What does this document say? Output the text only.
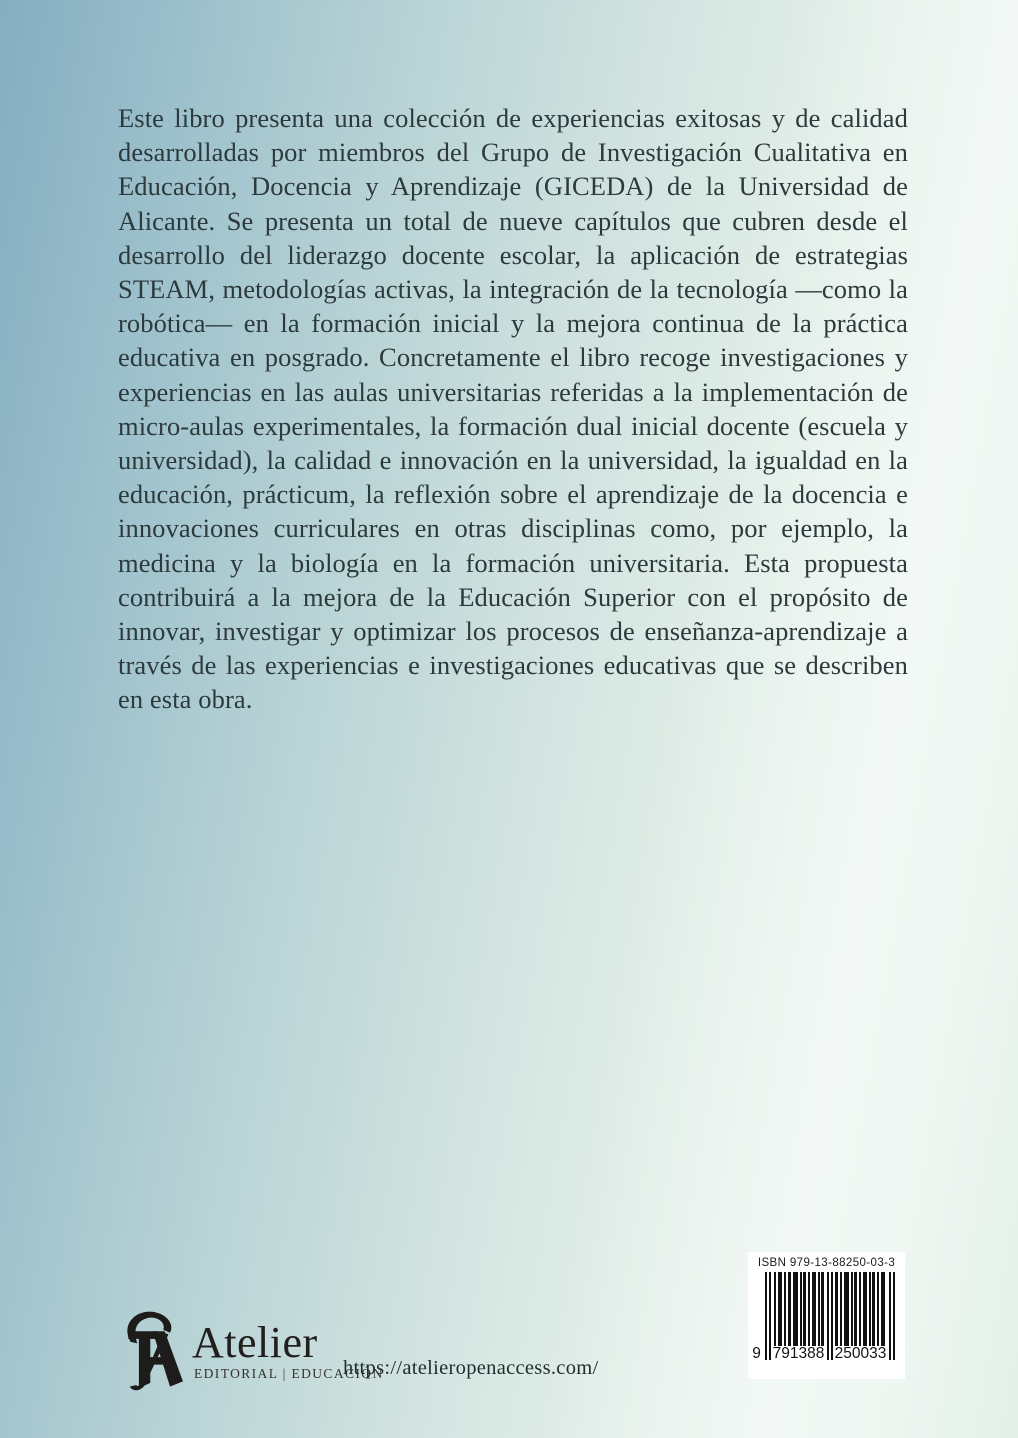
Este libro presenta una colección de experiencias exitosas y de calidad desarrolladas por miembros del Grupo de Investigación Cualitativa en Educación, Docencia y Aprendizaje (GICEDA) de la Universidad de Alicante. Se presenta un total de nueve capítulos que cubren desde el desarrollo del liderazgo docente escolar, la aplicación de estrategias STEAM, metodologías activas, la integración de la tecnología —como la robótica— en la formación inicial y la mejora continua de la práctica educativa en posgrado. Concretamente el libro recoge investigaciones y experiencias en las aulas universitarias referidas a la implementación de micro-aulas experimentales, la formación dual inicial docente (escuela y universidad), la calidad e innovación en la universidad, la igualdad en la educación, prácticum, la reflexión sobre el aprendizaje de la docencia e innovaciones curriculares en otras disciplinas como, por ejemplo, la medicina y la biología en la formación universitaria. Esta propuesta contribuirá a la mejora de la Educación Superior con el propósito de innovar, investigar y optimizar los procesos de enseñanza-aprendizaje a través de las experiencias e investigaciones educativas que se describen en esta obra.

Atelier
EDITORIAL | EDUCACIÓN
https://atelieropenaccess.com/
ISBN 979-13-88250-03-3
9 791388 250033
